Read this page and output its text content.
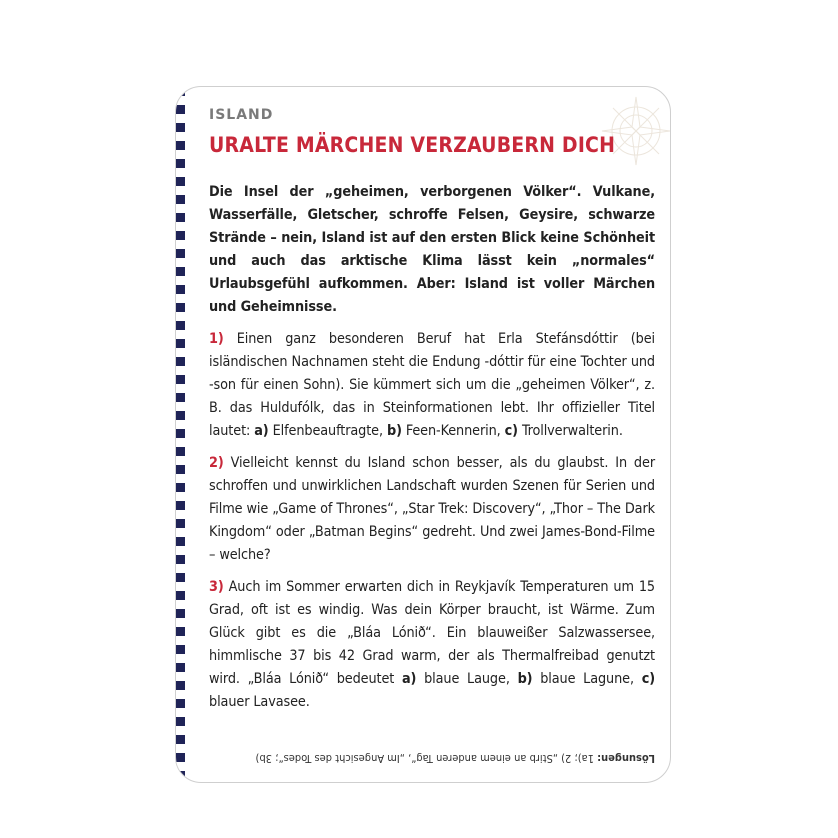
ISLAND
URALTE MÄRCHEN VERZAUBERN DICH

Die Insel der „geheimen, verborgenen Völker“. Vulkane, Wasserfälle, Gletscher, schroffe Felsen, Geysire, schwarze Strände – nein, Island ist auf den ersten Blick keine Schönheit und auch das arktische Klima lässt kein „normales“ Urlaubsgefühl aufkommen. Aber: Island ist voller Märchen und Geheimnisse.

1) Einen ganz besonderen Beruf hat Erla Stefánsdóttir (bei isländischen Nachnamen steht die Endung -dóttir für eine Tochter und -son für einen Sohn). Sie kümmert sich um die „geheimen Völker“, z. B. das Huldufólk, das in Steinformationen lebt. Ihr offizieller Titel lautet: a) Elfenbeauftragte, b) Feen-Kennerin, c) Trollverwalterin.

2) Vielleicht kennst du Island schon besser, als du glaubst. In der schroffen und unwirklichen Landschaft wurden Szenen für Serien und Filme wie „Game of Thrones“, „Star Trek: Discovery“, „Thor – The Dark Kingdom“ oder „Batman Begins“ gedreht. Und zwei James-Bond-Filme – welche?

3) Auch im Sommer erwarten dich in Reykjavík Temperaturen um 15 Grad, oft ist es windig. Was dein Körper braucht, ist Wärme. Zum Glück gibt es die „Bláa Lónið“. Ein blauweißer Salzwassersee, himmlische 37 bis 42 Grad warm, der als Thermalfreibad genutzt wird. „Bláa Lónið“ bedeutet a) blaue Lauge, b) blaue Lagune, c) blauer Lavasee.

Lösungen: 1a); 2) „Stirb an einem anderen Tag“, „Im Angesicht des Todes“; 3b)
